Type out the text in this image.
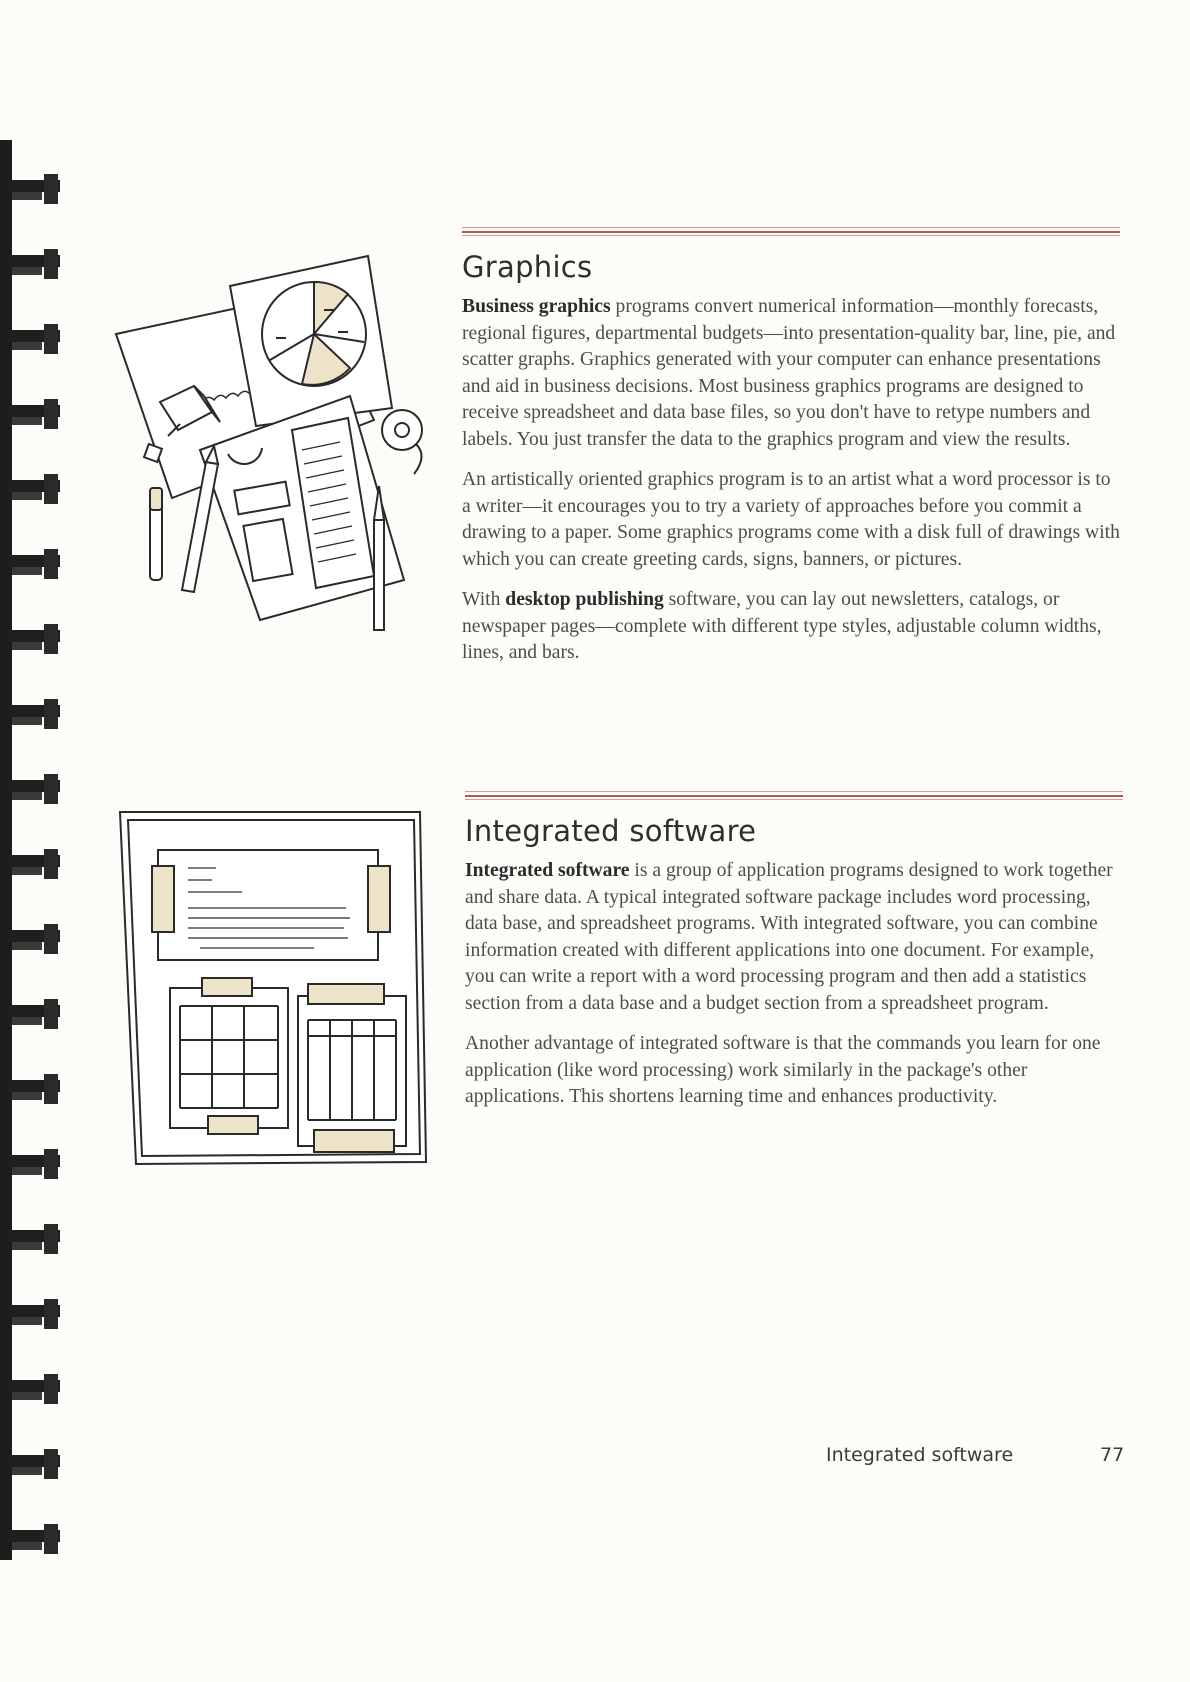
Graphics

Business graphics programs convert numerical information—monthly forecasts, regional figures, departmental budgets—into presentation-quality bar, line, pie, and scatter graphs. Graphics generated with your computer can enhance presentations and aid in business decisions. Most business graphics programs are designed to receive spreadsheet and data base files, so you don't have to retype numbers and labels. You just transfer the data to the graphics program and view the results.

An artistically oriented graphics program is to an artist what a word processor is to a writer—it encourages you to try a variety of approaches before you commit a drawing to a paper. Some graphics programs come with a disk full of drawings with which you can create greeting cards, signs, banners, or pictures.

With desktop publishing software, you can lay out newsletters, catalogs, or newspaper pages—complete with different type styles, adjustable column widths, lines, and bars.

Integrated software

Integrated software is a group of application programs designed to work together and share data. A typical integrated software package includes word processing, data base, and spreadsheet programs. With integrated software, you can combine information created with different applications into one document. For example, you can write a report with a word processing program and then add a statistics section from a data base and a budget section from a spreadsheet program.

Another advantage of integrated software is that the commands you learn for one application (like word processing) work similarly in the package's other applications. This shortens learning time and enhances productivity.

Integrated software	77
